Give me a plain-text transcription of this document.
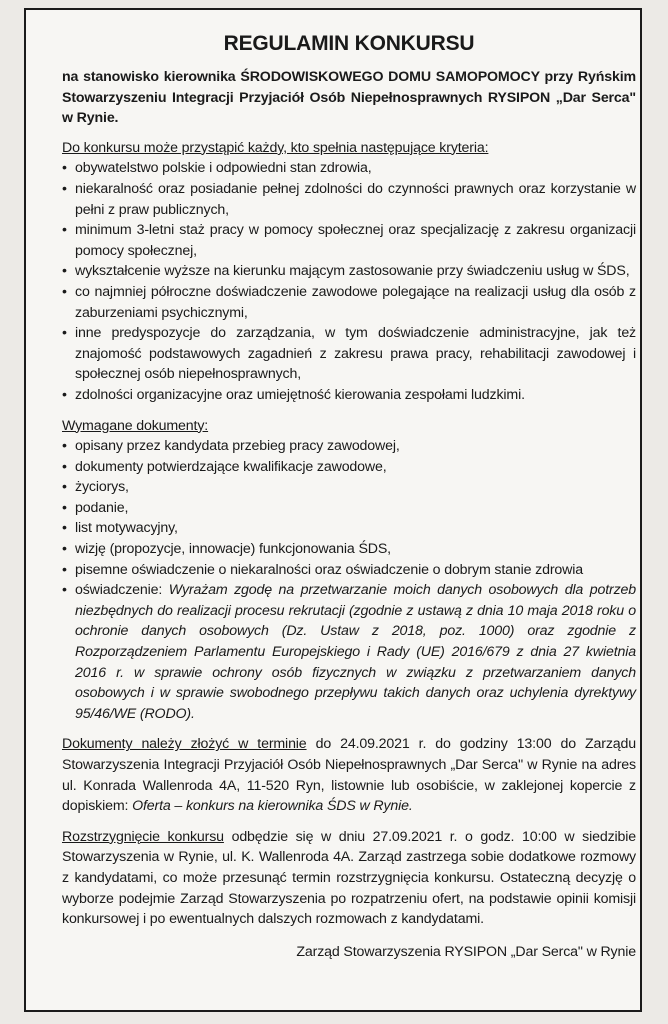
REGULAMIN KONKURSU

na stanowisko kierownika ŚRODOWISKOWEGO DOMU SAMOPOMOCY przy Ryńskim Stowarzyszeniu Integracji Przyjaciół Osób Niepełnosprawnych RYSIPON „Dar Serca" w Rynie.

Do konkursu może przystąpić każdy, kto spełnia następujące kryteria:
• obywatelstwo polskie i odpowiedni stan zdrowia,
• niekaralność oraz posiadanie pełnej zdolności do czynności prawnych oraz korzystanie w pełni z praw publicznych,
• minimum 3-letni staż pracy w pomocy społecznej oraz specjalizację z zakresu organizacji pomocy społecznej,
• wykształcenie wyższe na kierunku mającym zastosowanie przy świadczeniu usług w ŚDS,
• co najmniej półroczne doświadczenie zawodowe polegające na realizacji usług dla osób z zaburzeniami psychicznymi,
• inne predyspozycje do zarządzania, w tym doświadczenie administracyjne, jak też znajomość podstawowych zagadnień z zakresu prawa pracy, rehabilitacji zawodowej i społecznej osób niepełnosprawnych,
• zdolności organizacyjne oraz umiejętność kierowania zespołami ludzkimi.
Wymagane dokumenty:
• opisany przez kandydata przebieg pracy zawodowej,
• dokumenty potwierdzające kwalifikacje zawodowe,
• życiorys,
• podanie,
• list motywacyjny,
• wizję (propozycje, innowacje) funkcjonowania ŚDS,
• pisemne oświadczenie o niekaralności oraz oświadczenie o dobrym stanie zdrowia
• oświadczenie: Wyrażam zgodę na przetwarzanie moich danych osobowych dla potrzeb niezbędnych do realizacji procesu rekrutacji (zgodnie z ustawą z dnia 10 maja 2018 roku o ochronie danych osobowych (Dz. Ustaw z 2018, poz. 1000) oraz zgodnie z Rozporządzeniem Parlamentu Europejskiego i Rady (UE) 2016/679 z dnia 27 kwietnia 2016 r. w sprawie ochrony osób fizycznych w związku z przetwarzaniem danych osobowych i w sprawie swobodnego przepływu takich danych oraz uchylenia dyrektywy 95/46/WE (RODO).

Dokumenty należy złożyć w terminie do 24.09.2021 r. do godziny 13:00 do Zarządu Stowarzyszenia Integracji Przyjaciół Osób Niepełnosprawnych „Dar Serca" w Rynie na adres ul. Konrada Wallenroda 4A, 11-520 Ryn, listownie lub osobiście, w zaklejonej kopercie z dopiskiem: Oferta – konkurs na kierownika ŚDS w Rynie.

Rozstrzygnięcie konkursu odbędzie się w dniu 27.09.2021 r. o godz. 10:00 w siedzibie Stowarzyszenia w Rynie, ul. K. Wallenroda 4A. Zarząd zastrzega sobie dodatkowe rozmowy z kandydatami, co może przesunąć termin rozstrzygnięcia konkursu. Ostateczną decyzję o wyborze podejmie Zarząd Stowarzyszenia po rozpatrzeniu ofert, na podstawie opinii komisji konkursowej i po ewentualnych dalszych rozmowach z kandydatami.

Zarząd Stowarzyszenia RYSIPON „Dar Serca" w Rynie
